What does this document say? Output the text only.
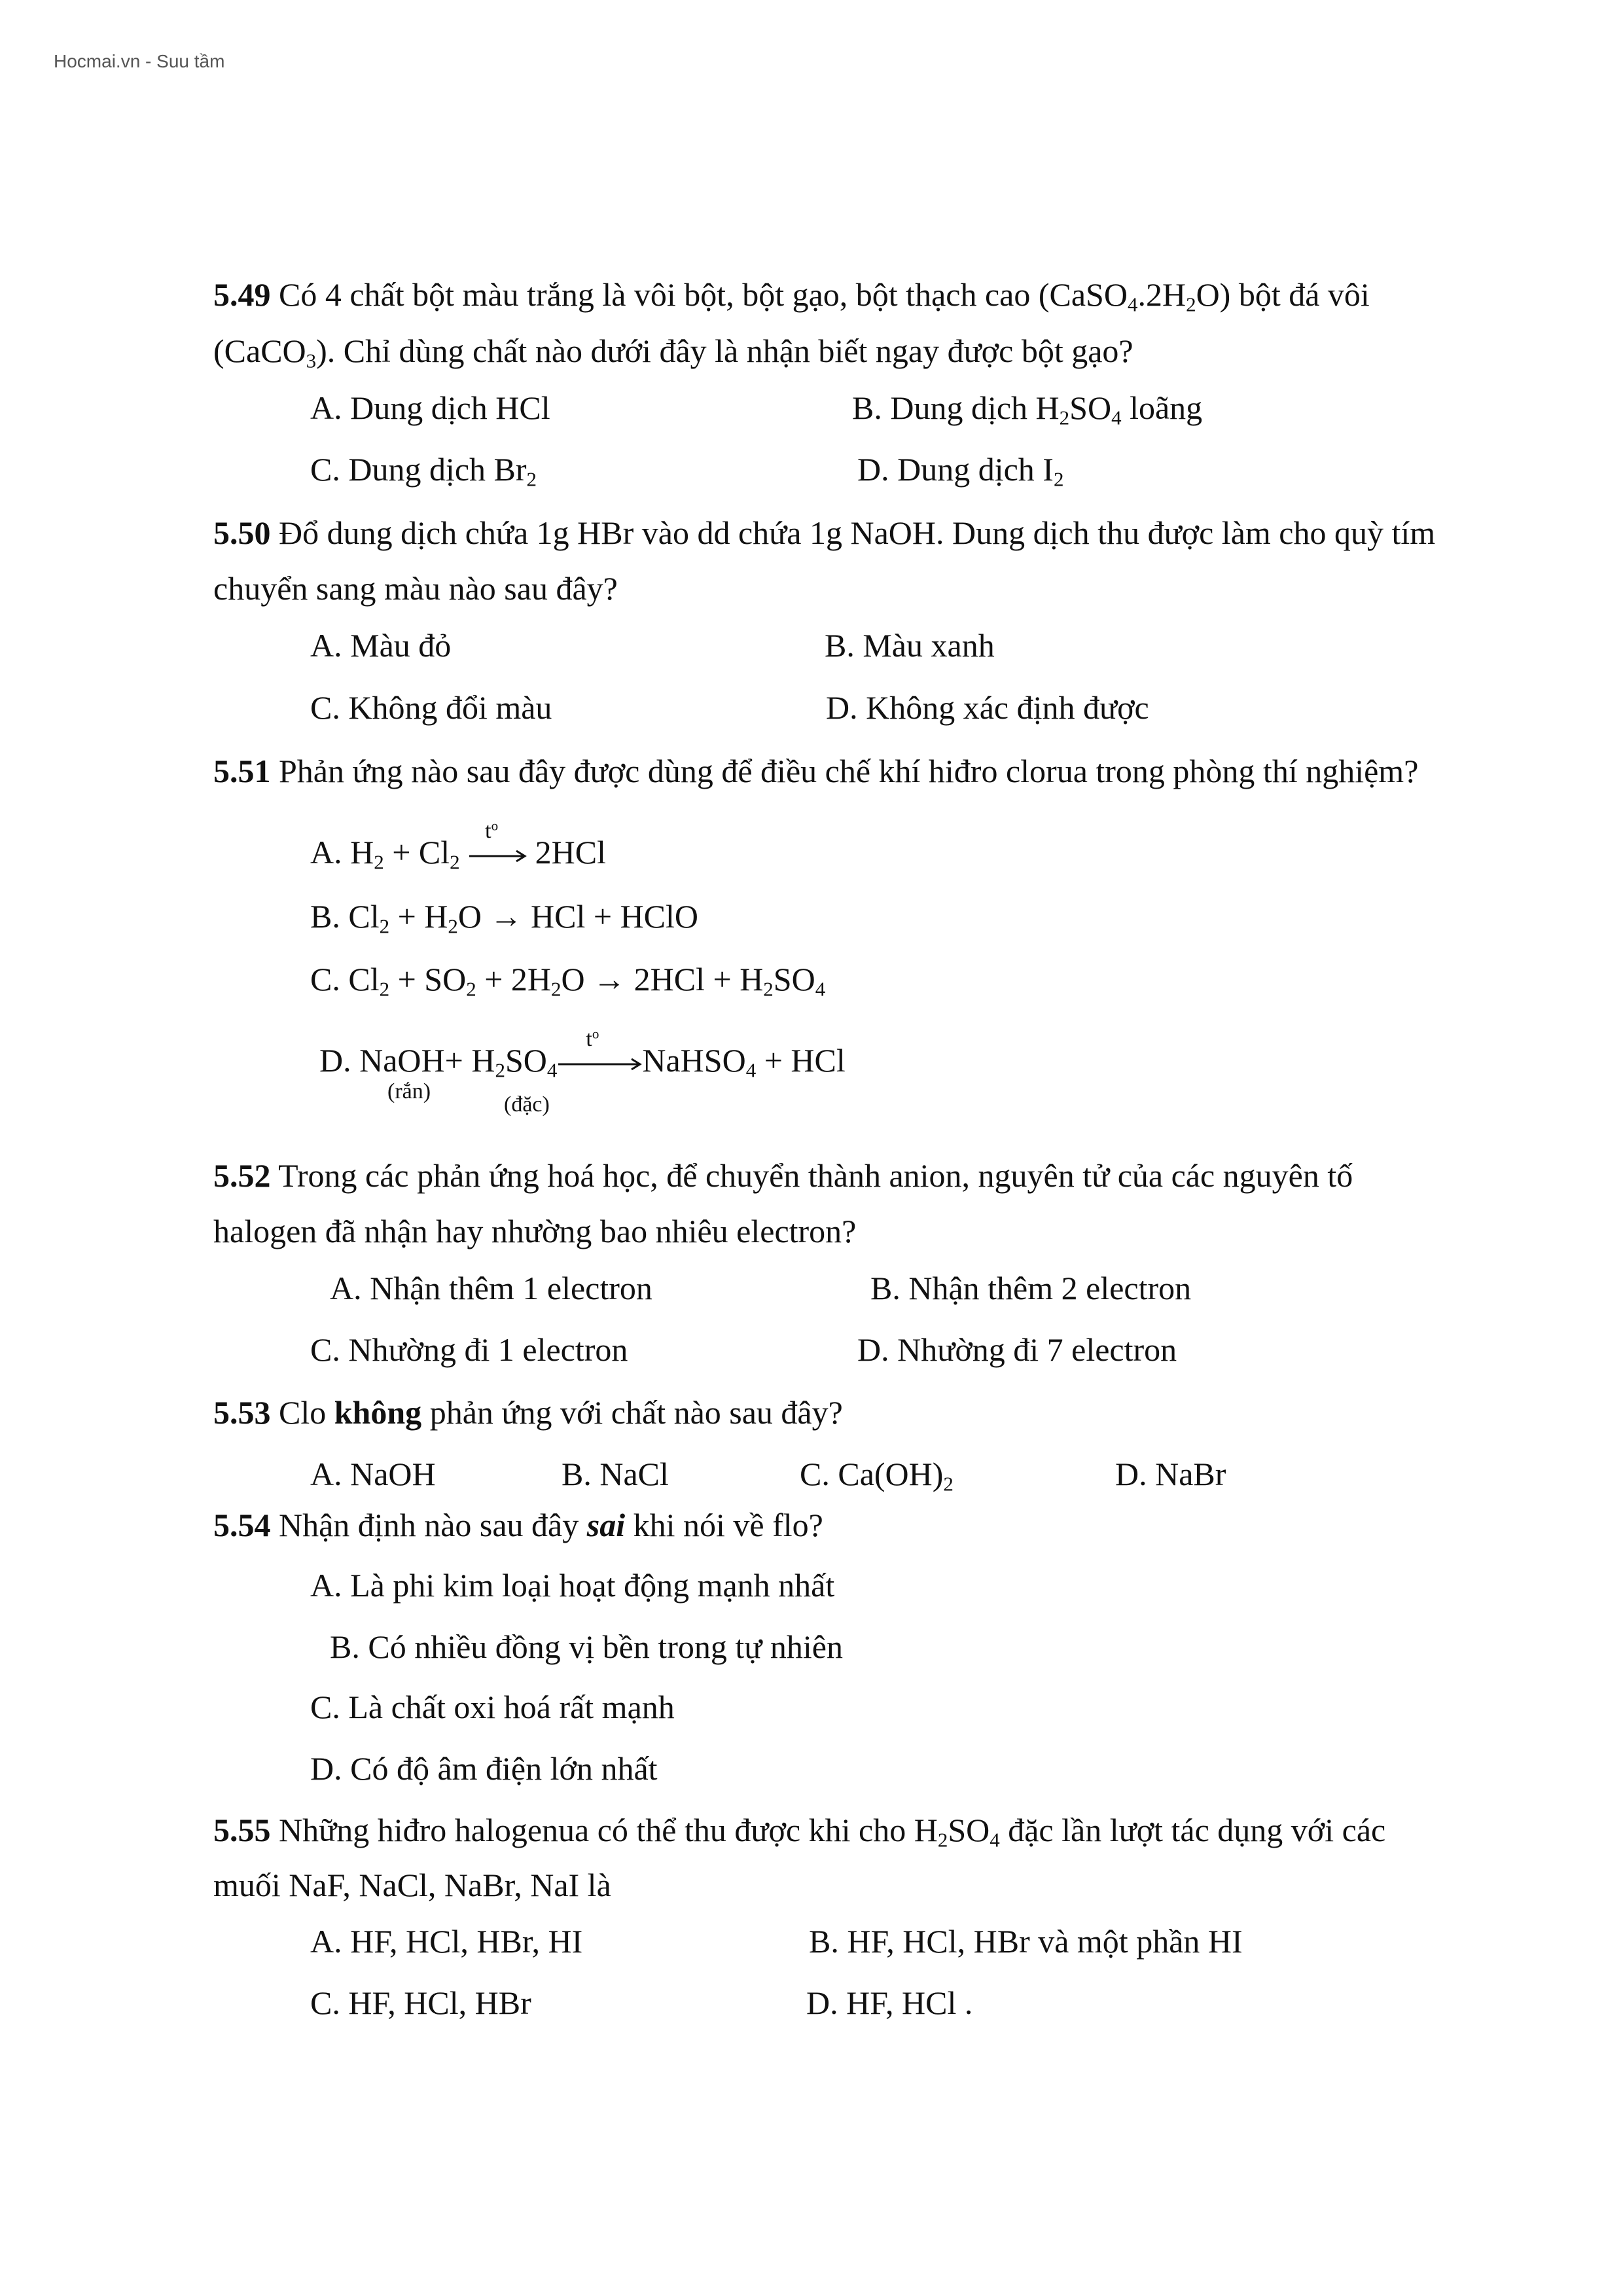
Hocmai.vn - Suu tầm
5.49 Có 4 chất bột màu trắng là vôi bột, bột gạo, bột thạch cao $(CaSO_4.2H_2O)$ bột đá vôi
(CaCO$_3$). Chỉ dùng chất nào dưới đây là nhận biết ngay được bột gạo?
A. Dung dịch HCl	B. Dung dịch $H_2SO_4$ loãng
C. Dung dịch $Br_2$	D. Dung dịch $I_2$
5.50 Đổ dung dịch chứa 1g HBr vào dd chứa 1g NaOH. Dung dịch thu được làm cho quỳ tím
chuyển sang màu nào sau đây?
A. Màu đỏ	B. Màu xanh
C. Không đổi màu	D. Không xác định được
5.51 Phản ứng nào sau đây được dùng để điều chế khí hiđro clorua trong phòng thí nghiệm?
A. $H_2 + Cl_2$
$t^o$
2HCl
B. $Cl_2 + H_2O$ → HCl + HClO
C. $Cl_2 + SO_2 + 2H_2O \to 2HCl + H_2SO_4$
D. NaOH+ $H_2SO_4$
$t^o$
NaHSO$_4$ + HCl
(rắn)
(đặc)
5.52 Trong các phản ứng hoá học, để chuyển thành anion, nguyên tử của các nguyên tố
halogen đã nhận hay nhường bao nhiêu electron?
A. Nhận thêm 1 electron	B. Nhận thêm 2 electron
C. Nhường đi 1 electron	D. Nhường đi 7 electron
5.53 Clo không phản ứng với chất nào sau đây?
A. NaOH	B. NaCl	C. $Ca(OH)_2$	D. NaBr
5.54 Nhận định nào sau đây sai khi nói về flo?
A. Là phi kim loại hoạt động mạnh nhất
B. Có nhiều đồng vị bền trong tự nhiên
C. Là chất oxi hoá rất mạnh
D. Có độ âm điện lớn nhất
5.55 Những hiđro halogenua có thể thu được khi cho $H_2SO_4$ đặc lần lượt tác dụng với các
muối NaF, NaCl, NaBr, NaI là
A. HF, HCl, HBr, HI	B. HF, HCl, HBr và một phần HI
C. HF, HCl, HBr	D. HF, HCl .
